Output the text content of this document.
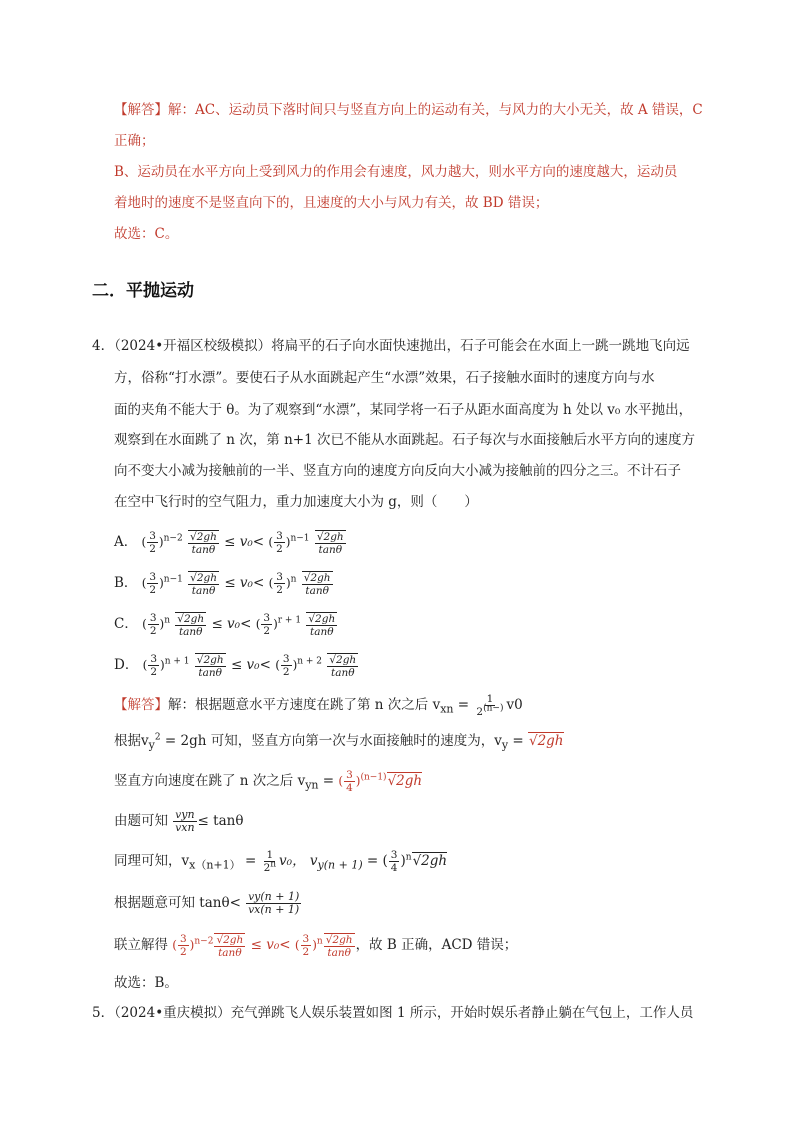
【解答】解：AC、运动员下落时间只与竖直方向上的运动有关，与风力的大小无关，故 A 错误，C
正确；
B、运动员在水平方向上受到风力的作用会有速度，风力越大，则水平方向的速度越大，运动员
着地时的速度不是竖直向下的，且速度的大小与风力有关，故 BD 错误；
故选：C。
二．平抛运动
4．（2024•开福区校级模拟）将扁平的石子向水面快速抛出，石子可能会在水面上一跳一跳地飞向远
方，俗称“打水漂”。要使石子从水面跳起产生“水漂”效果，石子接触水面时的速度方向与水
面的夹角不能大于 θ。为了观察到“水漂”，某同学将一石子从距水面高度为 h 处以 v₀ 水平抛出，
观察到在水面跳了 n 次，第 n+1 次已不能从水面跳起。石子每次与水面接触后水平方向的速度方
向不变大小减为接触前的一半、竖直方向的速度方向反向大小减为接触前的四分之三。不计石子
在空中飞行时的空气阻力，重力加速度大小为 g，则（　　）
A． ( $\frac{3}{2} )^{n-2} \frac{√2gh}{\tan\theta} \le v_0<$ ( $\frac{3}{2} )^{n-1} \frac{√2gh}{\tan\theta}$
B． ( $\frac{3}{2} )^{n-1} \frac{√2gh}{\tan\theta} \le v_0<$ ( $\frac{3}{2} )^n \frac{√2gh}{\tan\theta}$
C． ( $\frac{3}{2} )^n \frac{√2gh}{\tan\theta} \le v_0<$ ( $\frac{3}{2} )^{r + 1} \frac{√2gh}{\tan\theta}$
D． ( $\frac{3}{2} )^{n + 1} \frac{√2gh}{\tan\theta} \le v_0<$ ( $\frac{3}{2} )^{n + 2} \frac{√2gh}{\tan\theta}$
【解答】解：根据题意水平方速度在跳了第 n 次之后 $v_{xn} = \frac{1}{2(n-)} v0$
根据$v_y^2 = 2gh$ 可知，竖直方向第一次与水面接触时的速度为，$v_y = √2gh$
竖直方向速度在跳了 n 次之后 $v_{yn}$ = ( $\frac{3}{4} )^{(n-1)}√2gh$
由题可知 $\frac{\text{vyn}}{\text{vxn}} \le \tan\theta$
同理可知，$v_{x(n+1)} = \frac{1}{2n} v_0$， $v_{y(n + 1)}$ = ( $\frac{3}{4} )^n√2gh$
根据题意可知 $\tan\theta< \frac{vy(n + 1)}{vx(n + 1)}$
联立解得 ( $\frac{3}{2} )^{n-2} \frac{√2gh}{\tan\theta} \le v_0<$ ( $\frac{3}{2} )^n \frac{√2gh}{\tan\theta}$ ，故 B 正确，ACD 错误；
故选：B。
5．（2024•重庆模拟）充气弹跳飞人娱乐装置如图 1 所示，开始时娱乐者静止躺在气包上，工作人员
